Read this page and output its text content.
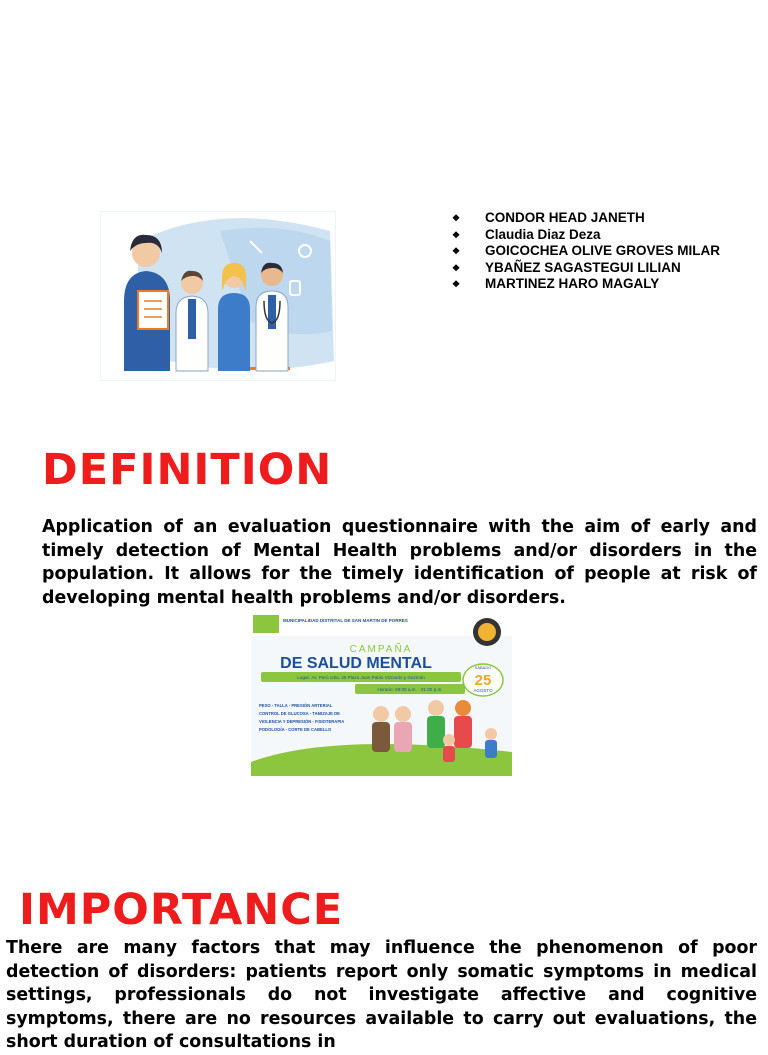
❖ CONDOR HEAD JANETH
❖ Claudia Diaz Deza
❖ GOICOCHEA OLIVE GROVES MILAR
❖ YBAÑEZ SAGASTEGUI LILIAN
❖ MARTINEZ HARO MAGALY
DEFINITION

Application of an evaluation questionnaire with the aim of early and timely detection of Mental Health problems and/or disorders in the population. It allows for the timely identification of people at risk of developing mental health problems and/or disorders.

MUNICIPALIDAD DISTRITAL DE SAN MARTIN DE PORRES
CAMPAÑA
DE SALUD MENTAL
Lugar: Av. Perú cdra. 35 Plaza Juan Pablo Vizcardo y Guzmán
Horario: 08:00 a.m. - 01:00 p.m.
SÁBADO
25
AGOSTO
PESO - TALLA - PRESIÓN ARTERIAL
CONTROL DE GLUCOSA - TAMIZAJE DE
VIOLENCIA Y DEPRESIÓN - FISIOTERAPIA
PODOLOGÍA - CORTE DE CABELLO
IMPORTANCE

There are many factors that may influence the phenomenon of poor detection of disorders: patients report only somatic symptoms in medical settings, professionals do not investigate affective and cognitive symptoms, there are no resources available to carry out evaluations, the short duration of consultations in
